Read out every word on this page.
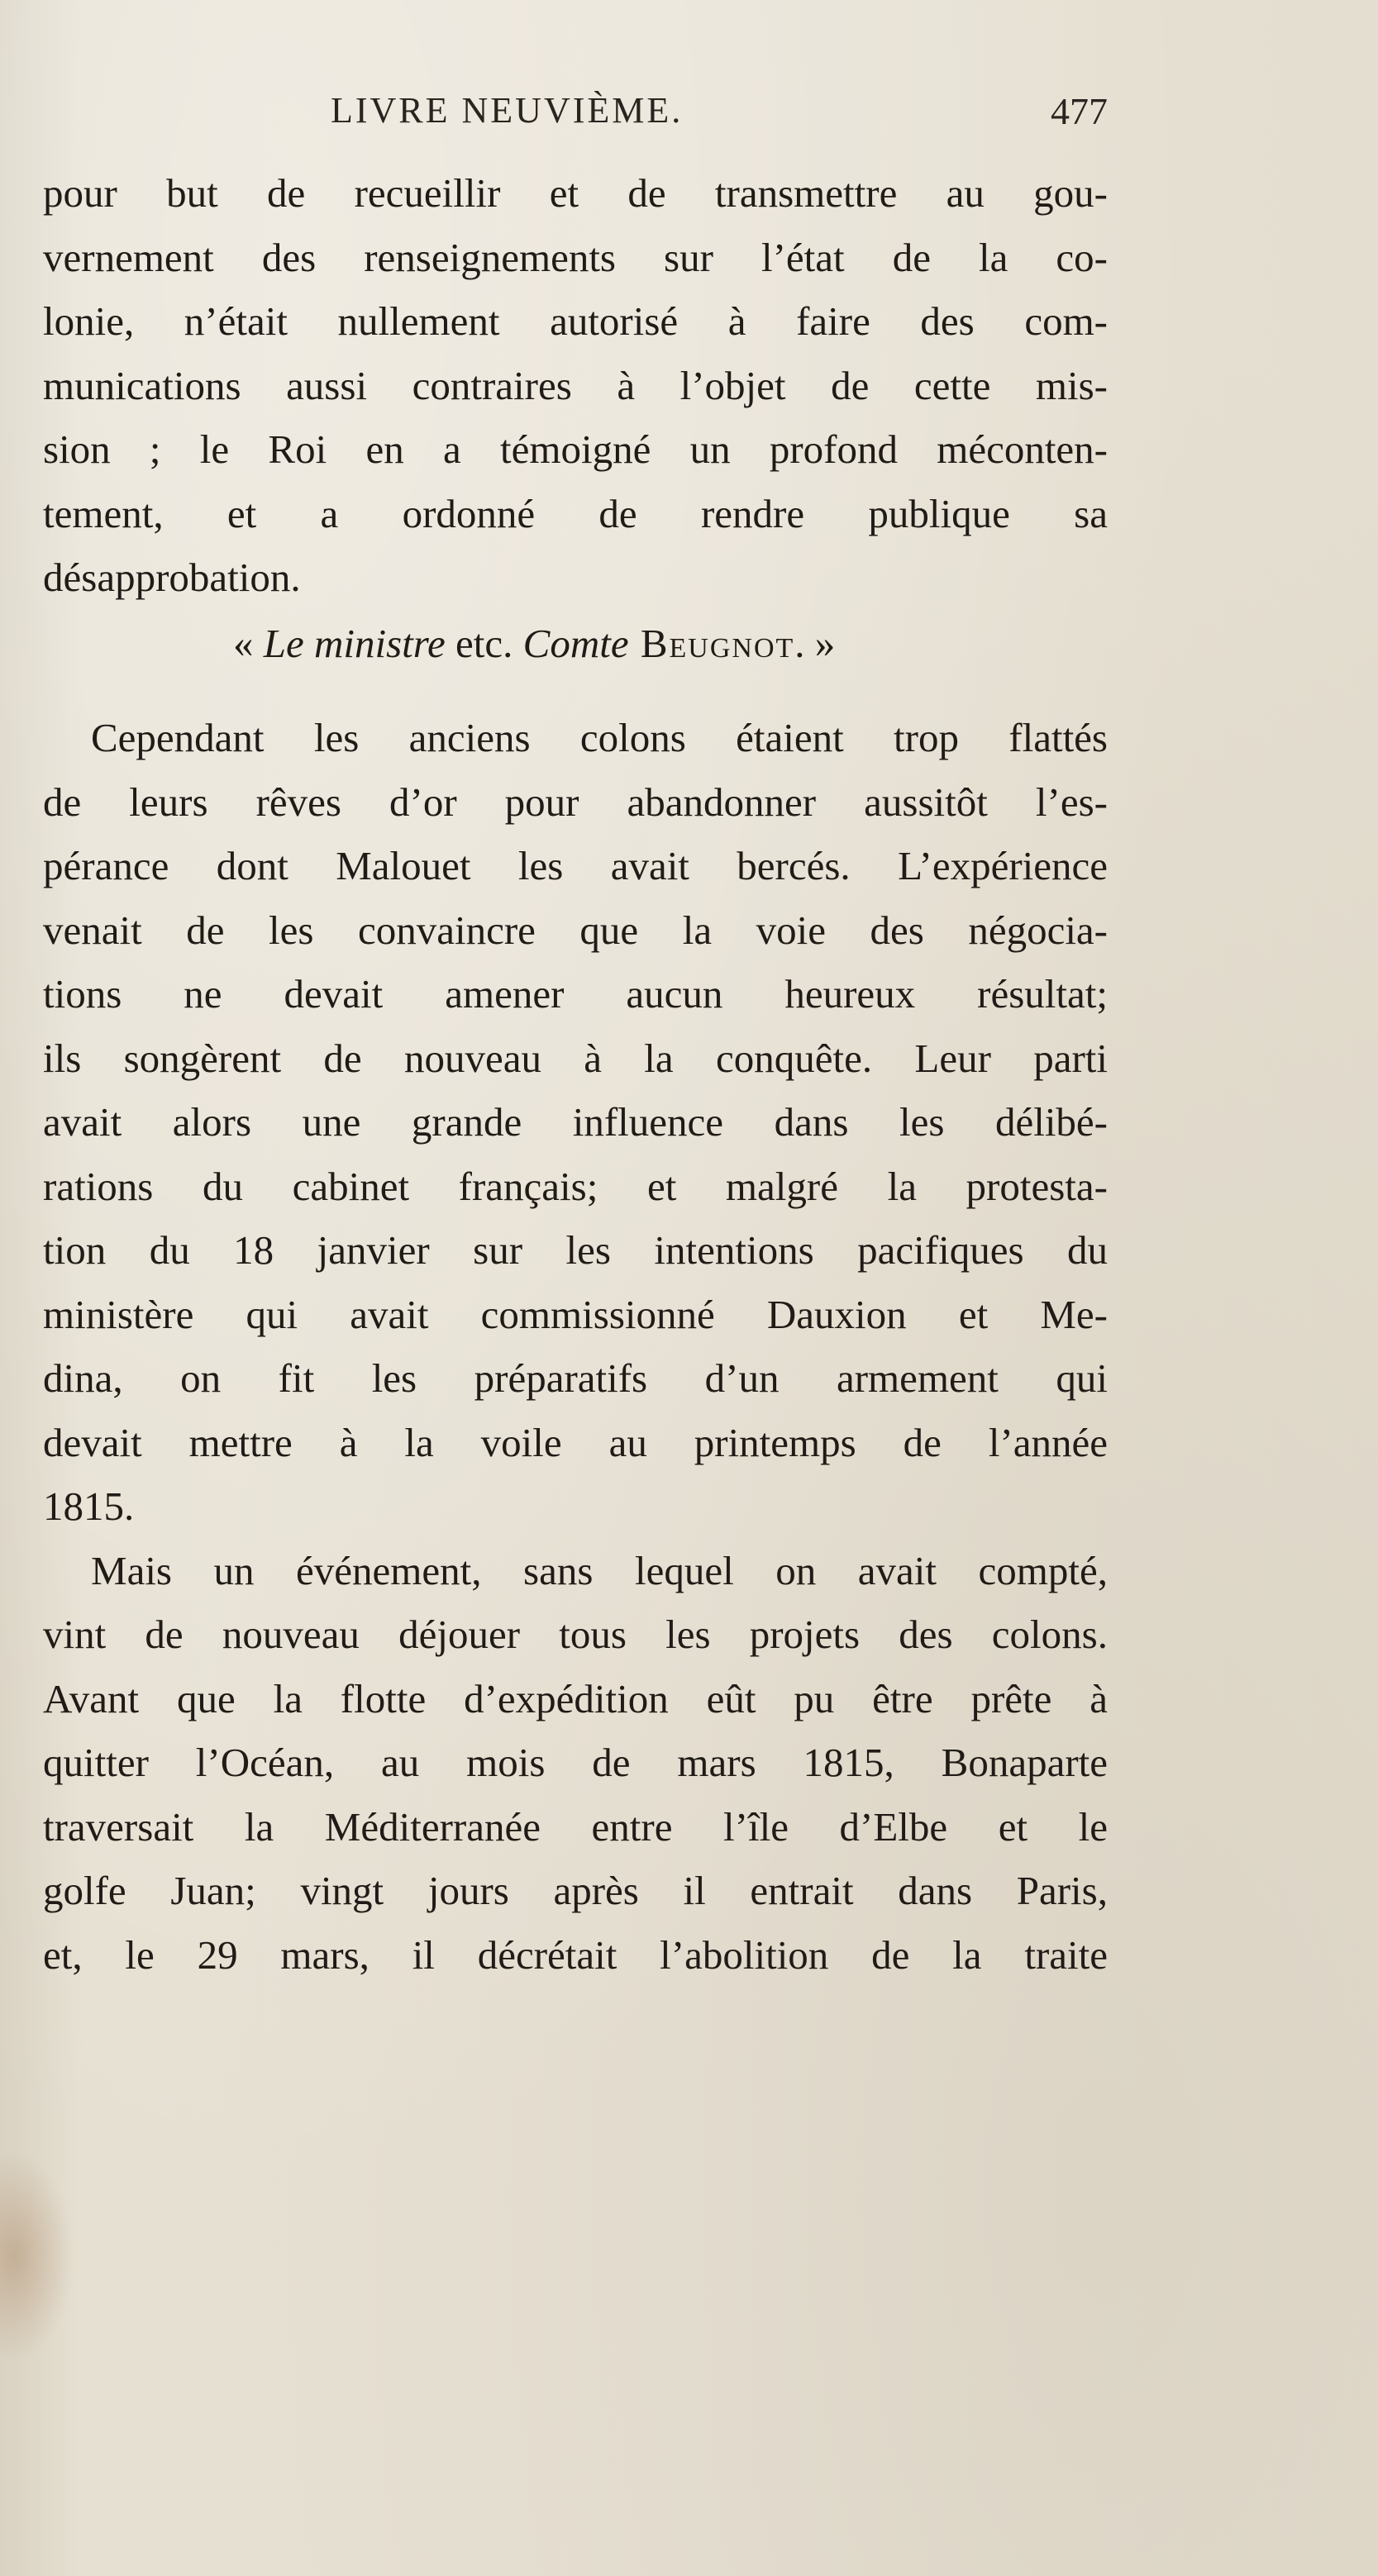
LIVRE NEUVIÈME.	477
pour but de recueillir et de transmettre au gou-
vernement des renseignements sur l’état de la co-
lonie, n’était nullement autorisé à faire des com-
munications aussi contraires à l’objet de cette mis-
sion ; le Roi en a témoigné un profond méconten-
tement, et a ordonné de rendre publique sa
désapprobation.
« Le ministre etc. Comte Beugnot. »
Cependant les anciens colons étaient trop flattés
de leurs rêves d’or pour abandonner aussitôt l’es-
pérance dont Malouet les avait bercés. L’expérience
venait de les convaincre que la voie des négocia-
tions ne devait amener aucun heureux résultat;
ils songèrent de nouveau à la conquête. Leur parti
avait alors une grande influence dans les délibé-
rations du cabinet français; et malgré la protesta-
tion du 18 janvier sur les intentions pacifiques du
ministère qui avait commissionné Dauxion et Me-
dina, on fit les préparatifs d’un armement qui
devait mettre à la voile au printemps de l’année
1815.
Mais un événement, sans lequel on avait compté,
vint de nouveau déjouer tous les projets des colons.
Avant que la flotte d’expédition eût pu être prête à
quitter l’Océan, au mois de mars 1815, Bonaparte
traversait la Méditerranée entre l’île d’Elbe et le
golfe Juan; vingt jours après il entrait dans Paris,
et, le 29 mars, il décrétait l’abolition de la traite
